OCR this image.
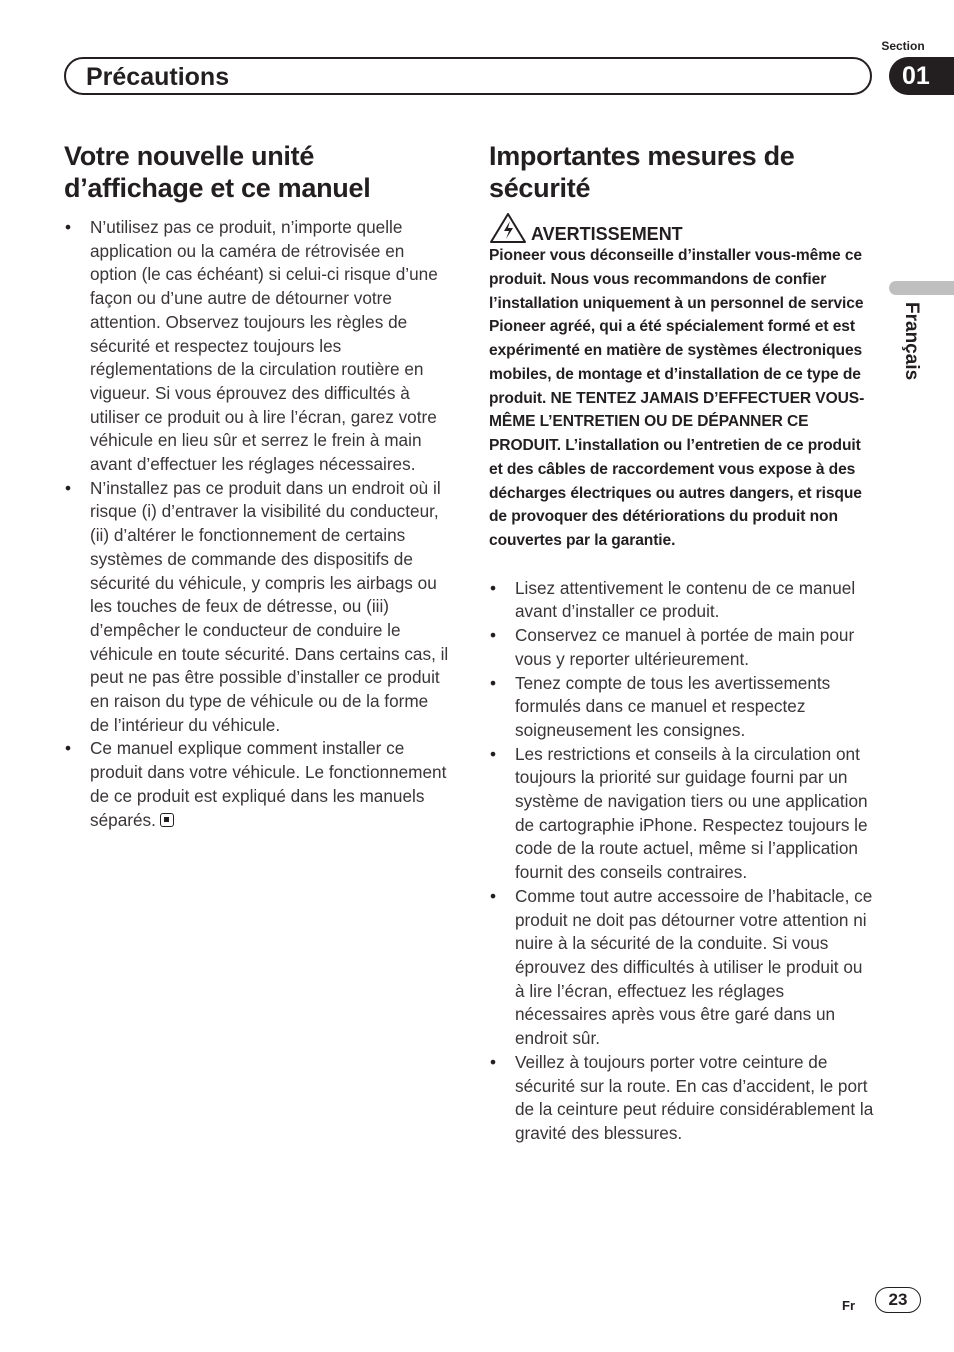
Section
Précautions	01
Français
Votre nouvelle unité d’affichage et ce manuel
• N’utilisez pas ce produit, n’importe quelle application ou la caméra de rétrovisée en option (le cas échéant) si celui-ci risque d’une façon ou d’une autre de détourner votre attention. Observez toujours les règles de sécurité et respectez toujours les réglementations de la circulation routière en vigueur. Si vous éprouvez des difficultés à utiliser ce produit ou à lire l’écran, garez votre véhicule en lieu sûr et serrez le frein à main avant d’effectuer les réglages nécessaires.
• N’installez pas ce produit dans un endroit où il risque (i) d’entraver la visibilité du conducteur, (ii) d’altérer le fonctionnement de certains systèmes de commande des dispositifs de sécurité du véhicule, y compris les airbags ou les touches de feux de détresse, ou (iii) d’empêcher le conducteur de conduire le véhicule en toute sécurité. Dans certains cas, il peut ne pas être possible d’installer ce produit en raison du type de véhicule ou de la forme de l’intérieur du véhicule.
• Ce manuel explique comment installer ce produit dans votre véhicule. Le fonctionnement de ce produit est expliqué dans les manuels séparés.
Importantes mesures de sécurité
AVERTISSEMENT
Pioneer vous déconseille d’installer vous-même ce produit. Nous vous recommandons de confier l’installation uniquement à un personnel de service Pioneer agréé, qui a été spécialement formé et est expérimenté en matière de systèmes électroniques mobiles, de montage et d’installation de ce type de produit. NE TENTEZ JAMAIS D’EFFECTUER VOUS-MÊME L’ENTRETIEN OU DE DÉPANNER CE PRODUIT. L’installation ou l’entretien de ce produit et des câbles de raccordement vous expose à des décharges électriques ou autres dangers, et risque de provoquer des détériorations du produit non couvertes par la garantie.
• Lisez attentivement le contenu de ce manuel avant d’installer ce produit.
• Conservez ce manuel à portée de main pour vous y reporter ultérieurement.
• Tenez compte de tous les avertissements formulés dans ce manuel et respectez soigneusement les consignes.
• Les restrictions et conseils à la circulation ont toujours la priorité sur guidage fourni par un système de navigation tiers ou une application de cartographie iPhone. Respectez toujours le code de la route actuel, même si l’application fournit des conseils contraires.
• Comme tout autre accessoire de l’habitacle, ce produit ne doit pas détourner votre attention ni nuire à la sécurité de la conduite. Si vous éprouvez des difficultés à utiliser le produit ou à lire l’écran, effectuez les réglages nécessaires après vous être garé dans un endroit sûr.
• Veillez à toujours porter votre ceinture de sécurité sur la route. En cas d’accident, le port de la ceinture peut réduire considérablement la gravité des blessures.
Fr	23
